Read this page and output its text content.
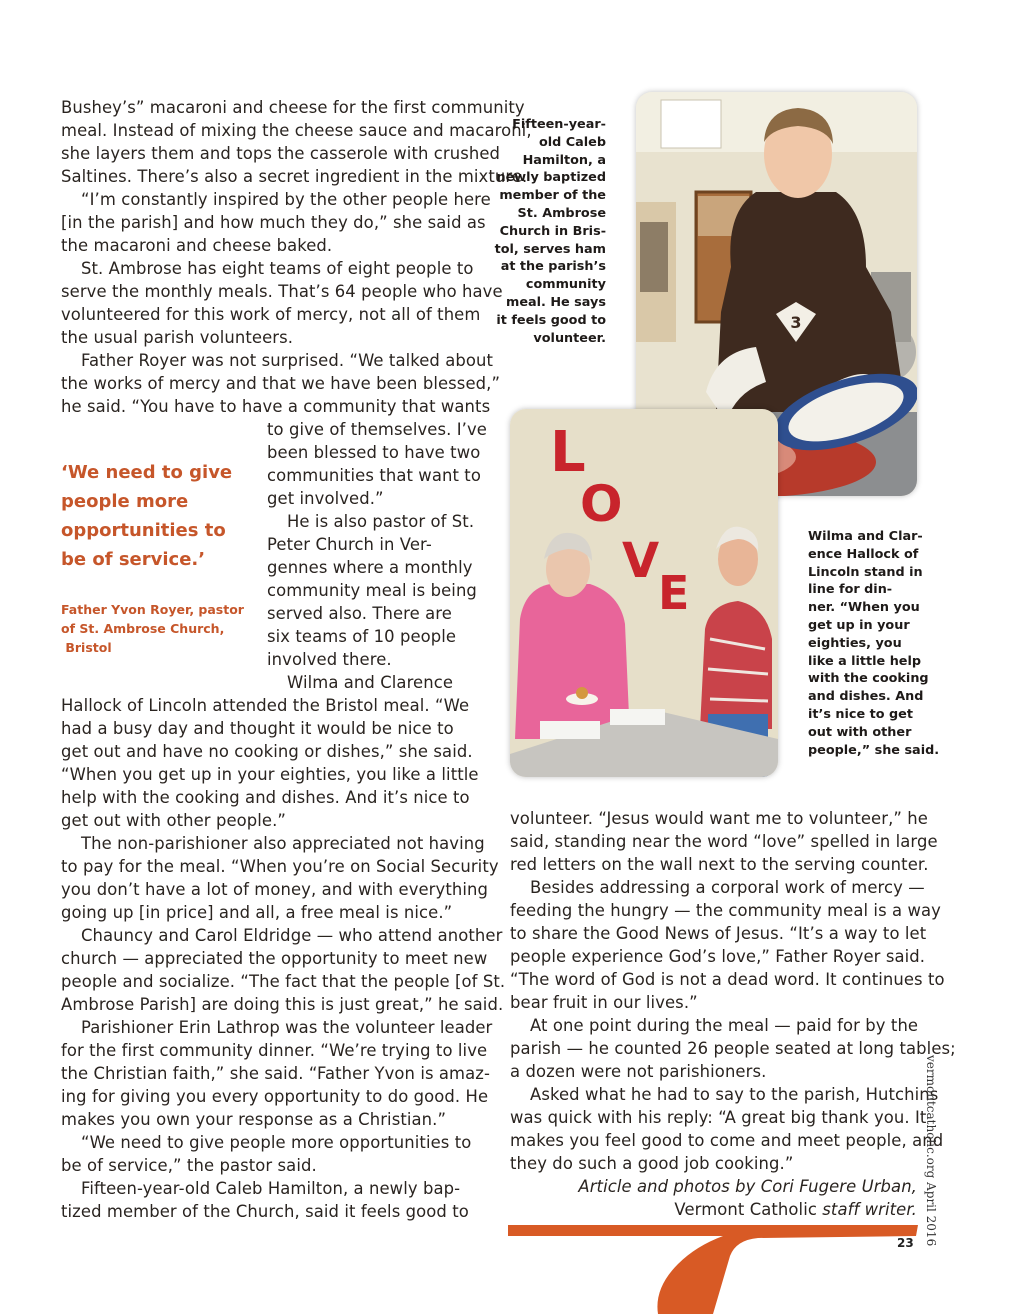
Bushey’s” macaroni and cheese for the first community
meal. Instead of mixing the cheese sauce and macaroni,
she layers them and tops the casserole with crushed
Saltines. There’s also a secret ingredient in the mixture.
“I’m constantly inspired by the other people here
[in the parish] and how much they do,” she said as
the macaroni and cheese baked.
St. Ambrose has eight teams of eight people to
serve the monthly meals. That’s 64 people who have
volunteered for this work of mercy, not all of them
the usual parish volunteers.
Father Royer was not surprised. “We talked about
the works of mercy and that we have been blessed,”
he said. “You have to have a community that wants
to give of themselves. I’ve
been blessed to have two
communities that want to
get involved.”
He is also pastor of St.
Peter Church in Ver-
gennes where a monthly
community meal is being
served also. There are
six teams of 10 people
involved there.
Wilma and Clarence
Hallock of Lincoln attended the Bristol meal. “We
had a busy day and thought it would be nice to
get out and have no cooking or dishes,” she said.
“When you get up in your eighties, you like a little
help with the cooking and dishes. And it’s nice to
get out with other people.”
The non-parishioner also appreciated not having
to pay for the meal. “When you’re on Social Security
you don’t have a lot of money, and with everything
going up [in price] and all, a free meal is nice.”
Chauncy and Carol Eldridge — who attend another
church — appreciated the opportunity to meet new
people and socialize. “The fact that the people [of St.
Ambrose Parish] are doing this is just great,” he said.
Parishioner Erin Lathrop was the volunteer leader
for the first community dinner. “We’re trying to live
the Christian faith,” she said. “Father Yvon is amaz-
ing for giving you every opportunity to do good. He
makes you own your response as a Christian.”
“We need to give people more opportunities to
be of service,” the pastor said.
Fifteen-year-old Caleb Hamilton, a newly bap-
tized member of the Church, said it feels good to
‘We need to give
people more
opportunities to
be of service.’
Father Yvon Royer, pastor
of St. Ambrose Church,
Bristol
Fifteen-year-
old Caleb
Hamilton, a
newly baptized
member of the
St. Ambrose
Church in Bris-
tol, serves ham
at the parish’s
community
meal. He says
it feels good to
volunteer.
3
L
O
V
E
Wilma and Clar-
ence Hallock of
Lincoln stand in
line for din-
ner. “When you
get up in your
eighties, you
like a little help
with the cooking
and dishes. And
it’s nice to get
out with other
people,” she said.
volunteer. “Jesus would want me to volunteer,” he
said, standing near the word “love” spelled in large
red letters on the wall next to the serving counter.
Besides addressing a corporal work of mercy —
feeding the hungry — the community meal is a way
to share the Good News of Jesus. “It’s a way to let
people experience God’s love,” Father Royer said.
“The word of God is not a dead word. It continues to
bear fruit in our lives.”
At one point during the meal — paid for by the
parish — he counted 26 people seated at long tables;
a dozen were not parishioners.
Asked what he had to say to the parish, Hutchins
was quick with his reply: “A great big thank you. It
makes you feel good to come and meet people, and
they do such a good job cooking.”
Article and photos by Cori Fugere Urban,
Vermont Catholic staff writer. vermontcatholic.org April 2016
23
